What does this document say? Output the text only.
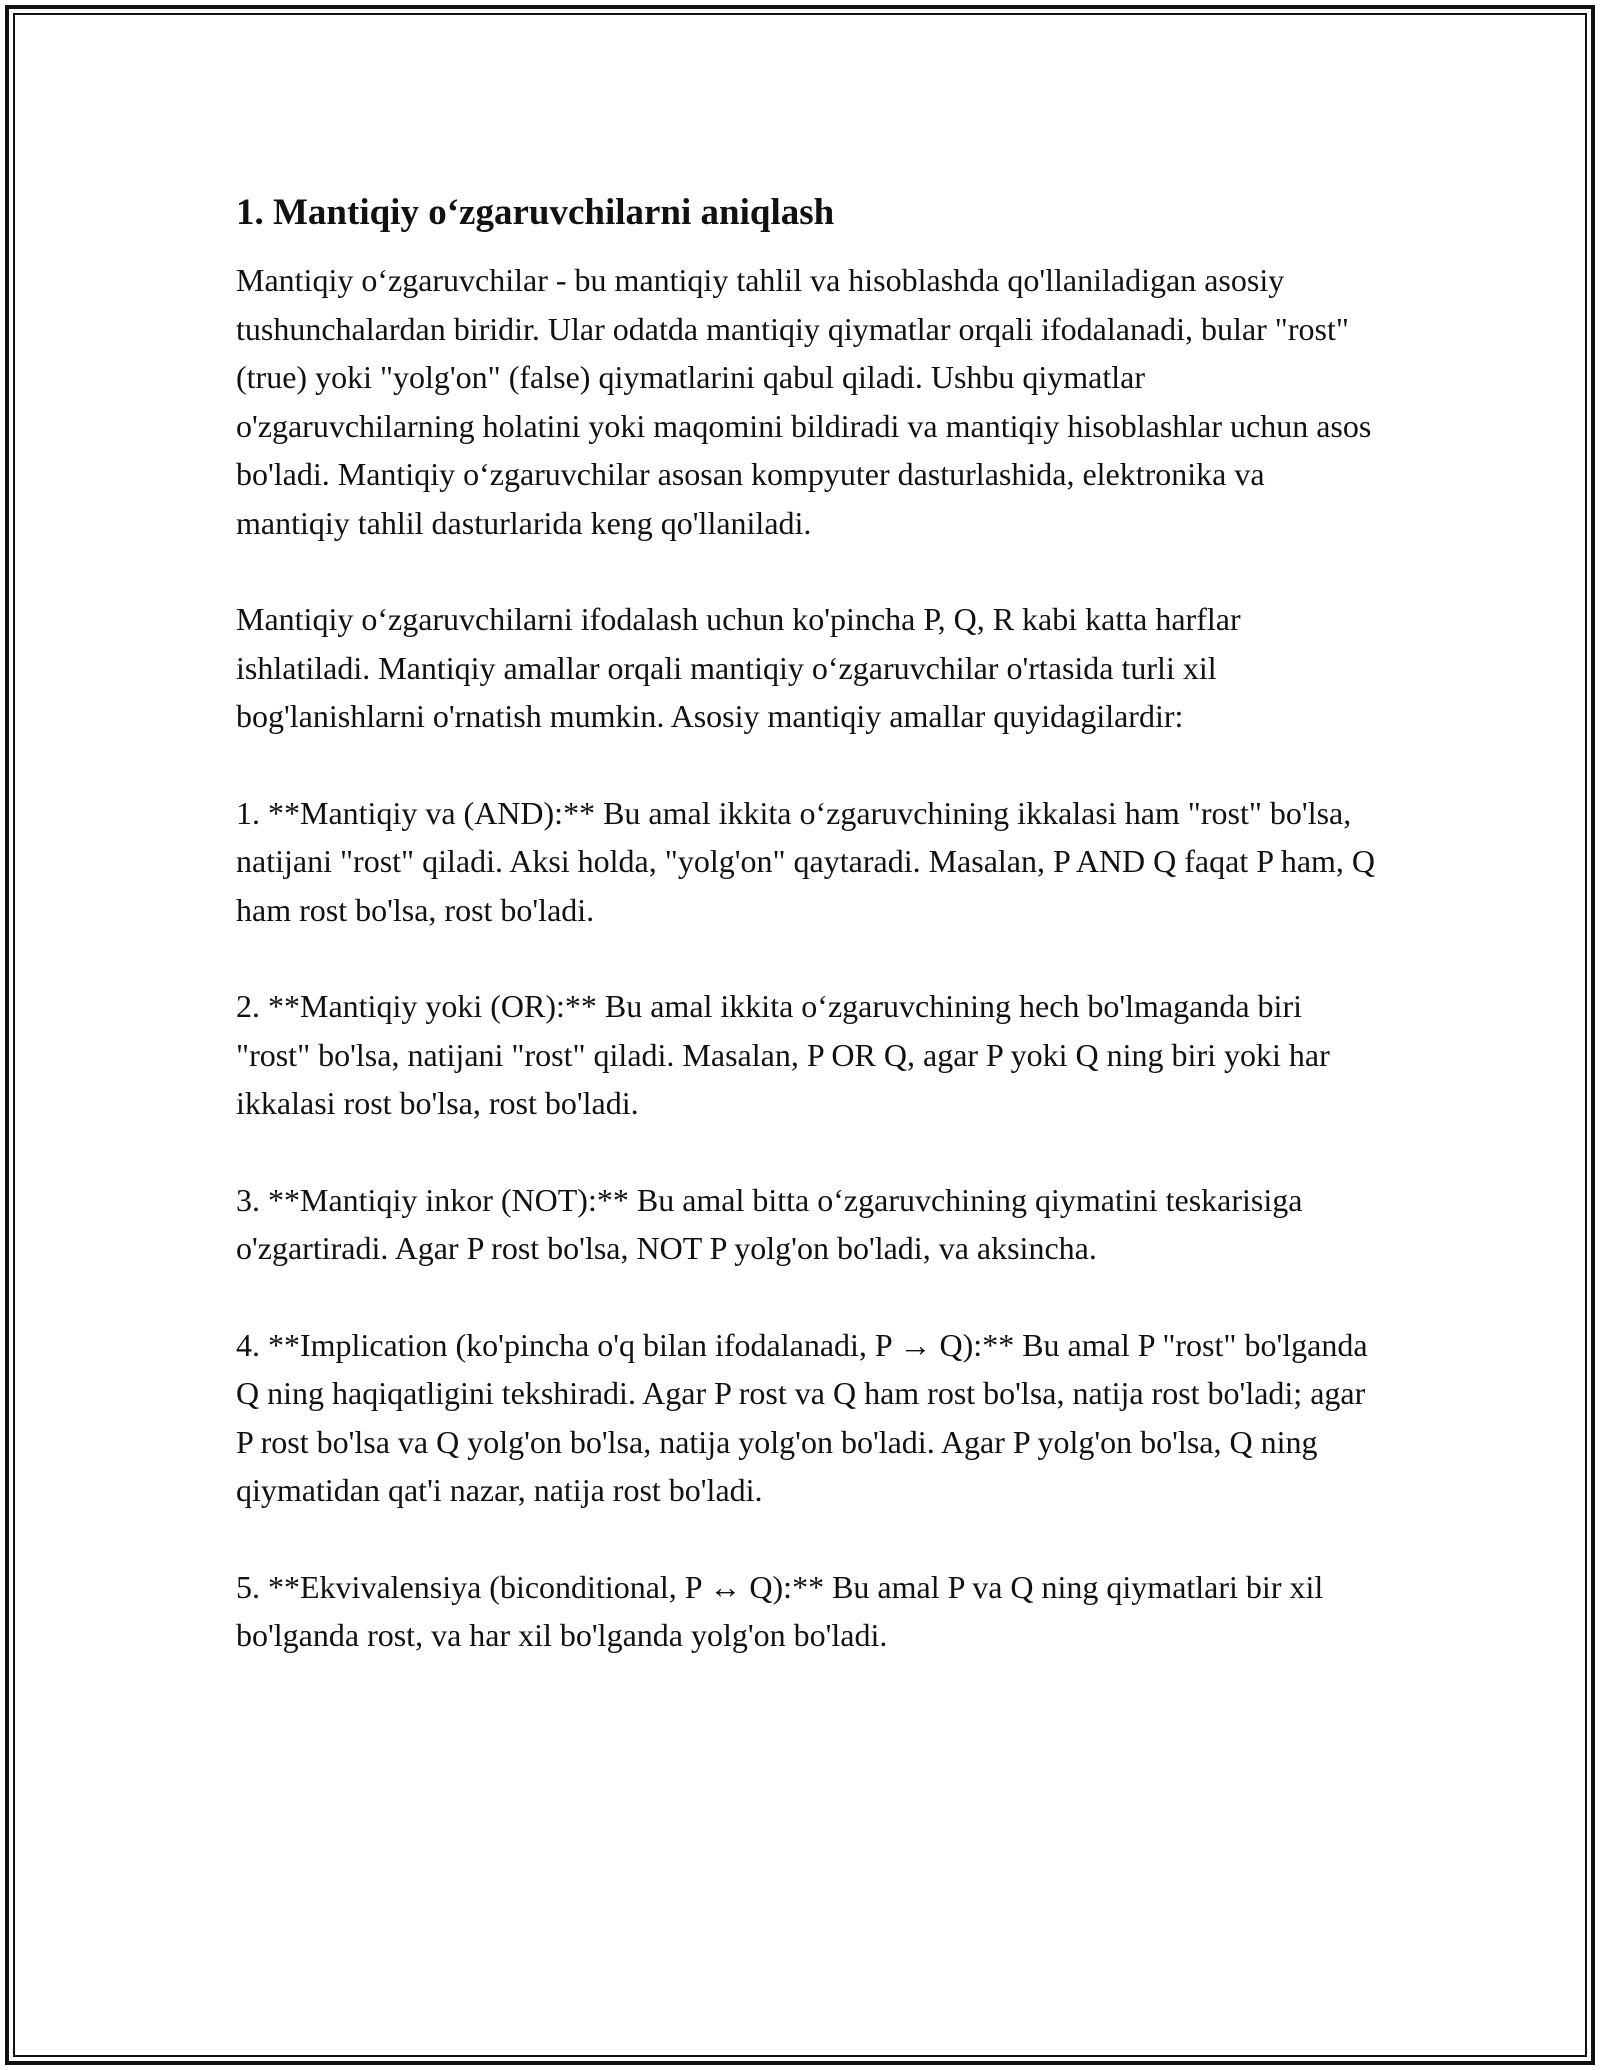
1. Mantiqiy o‘zgaruvchilarni aniqlash

Mantiqiy o‘zgaruvchilar - bu mantiqiy tahlil va hisoblashda qo'llaniladigan asosiy tushunchalardan biridir. Ular odatda mantiqiy qiymatlar orqali ifodalanadi, bular "rost" (true) yoki "yolg'on" (false) qiymatlarini qabul qiladi. Ushbu qiymatlar o'zgaruvchilarning holatini yoki maqomini bildiradi va mantiqiy hisoblashlar uchun asos bo'ladi. Mantiqiy o‘zgaruvchilar asosan kompyuter dasturlashida, elektronika va mantiqiy tahlil dasturlarida keng qo'llaniladi.

Mantiqiy o‘zgaruvchilarni ifodalash uchun ko'pincha P, Q, R kabi katta harflar ishlatiladi. Mantiqiy amallar orqali mantiqiy o‘zgaruvchilar o'rtasida turli xil bog'lanishlarni o'rnatish mumkin. Asosiy mantiqiy amallar quyidagilardir:

1. **Mantiqiy va (AND):** Bu amal ikkita o‘zgaruvchining ikkalasi ham "rost" bo'lsa, natijani "rost" qiladi. Aksi holda, "yolg'on" qaytaradi. Masalan, P AND Q faqat P ham, Q ham rost bo'lsa, rost bo'ladi.

2. **Mantiqiy yoki (OR):** Bu amal ikkita o‘zgaruvchining hech bo'lmaganda biri "rost" bo'lsa, natijani "rost" qiladi. Masalan, P OR Q, agar P yoki Q ning biri yoki har ikkalasi rost bo'lsa, rost bo'ladi.

3. **Mantiqiy inkor (NOT):** Bu amal bitta o‘zgaruvchining qiymatini teskarisiga o'zgartiradi. Agar P rost bo'lsa, NOT P yolg'on bo'ladi, va aksincha.

4. **Implication (ko'pincha o'q bilan ifodalanadi, P → Q):** Bu amal P "rost" bo'lganda Q ning haqiqatligini tekshiradi. Agar P rost va Q ham rost bo'lsa, natija rost bo'ladi; agar P rost bo'lsa va Q yolg'on bo'lsa, natija yolg'on bo'ladi. Agar P yolg'on bo'lsa, Q ning qiymatidan qat'i nazar, natija rost bo'ladi.

5. **Ekvivalensiya (biconditional, P ↔ Q):** Bu amal P va Q ning qiymatlari bir xil bo'lganda rost, va har xil bo'lganda yolg'on bo'ladi.
